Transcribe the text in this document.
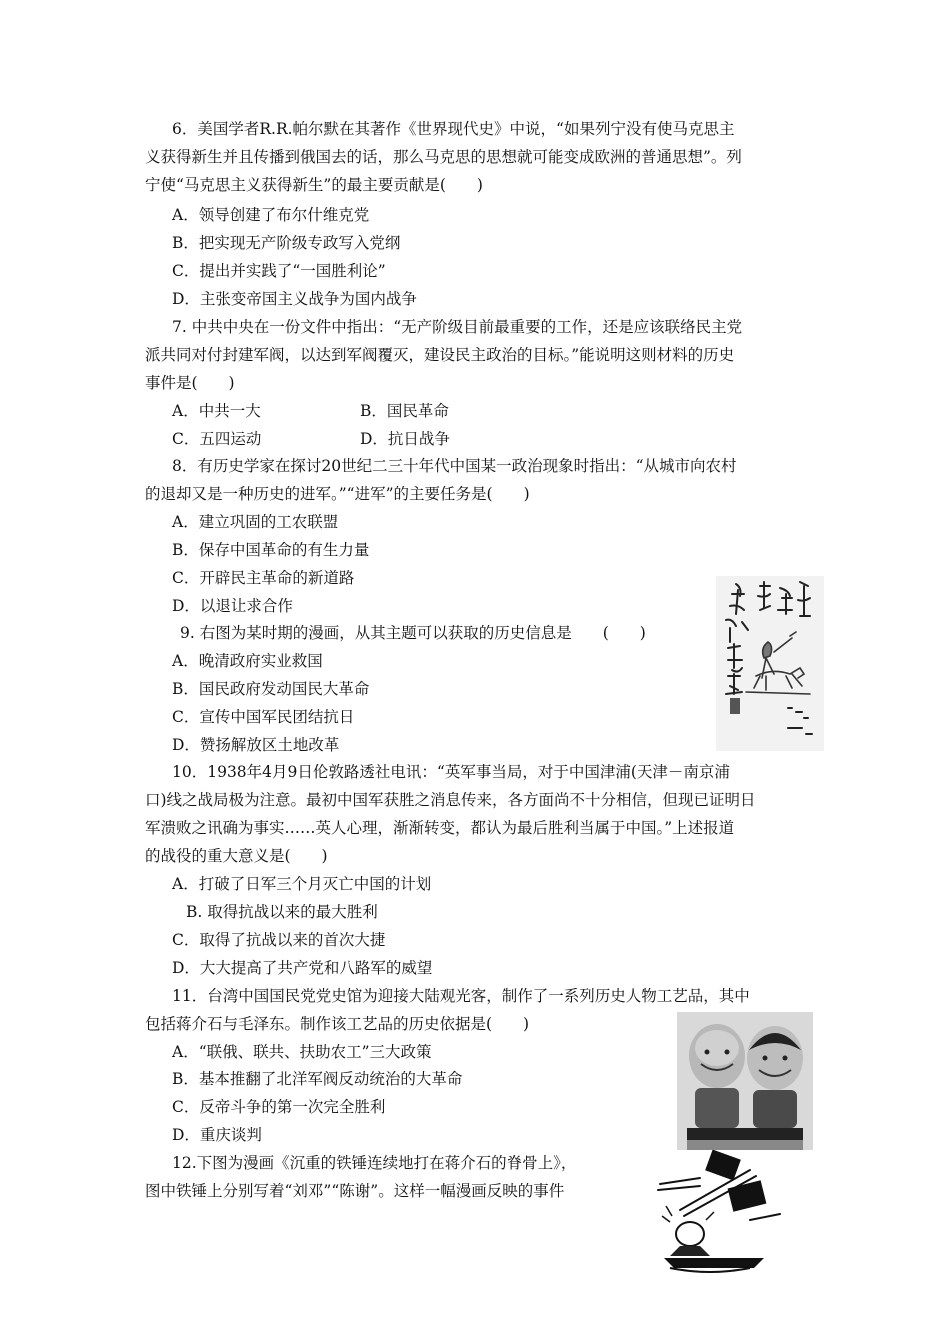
6．美国学者R.R.帕尔默在其著作《世界现代史》中说，“如果列宁没有使马克思主
义获得新生并且传播到俄国去的话，那么马克思的思想就可能变成欧洲的普通思想”。列
宁使“马克思主义获得新生”的最主要贡献是(　　)
A．领导创建了布尔什维克党
B．把实现无产阶级专政写入党纲
C．提出并实践了“一国胜利论”
D．主张变帝国主义战争为国内战争
7. 中共中央在一份文件中指出：“无产阶级目前最重要的工作，还是应该联络民主党
派共同对付封建军阀，以达到军阀覆灭，建设民主政治的目标。”能说明这则材料的历史
事件是(　　)
A．中共一大	B．国民革命
C．五四运动	D．抗日战争
8．有历史学家在探讨20世纪二三十年代中国某一政治现象时指出：“从城市向农村
的退却又是一种历史的进军。”“进军”的主要任务是(　　)
A．建立巩固的工农联盟
B．保存中国革命的有生力量
C．开辟民主革命的新道路
D．以退让求合作
9. 右图为某时期的漫画，从其主题可以获取的历史信息是　　(　　)
A．晚清政府实业救国
B．国民政府发动国民大革命
C．宣传中国军民团结抗日
D．赞扬解放区土地改革
10．1938年4月9日伦敦路透社电讯：“英军事当局，对于中国津浦(天津－南京浦
口)线之战局极为注意。最初中国军获胜之消息传来，各方面尚不十分相信，但现已证明日
军溃败之讯确为事实……英人心理，渐渐转变，都认为最后胜利当属于中国。”上述报道
的战役的重大意义是(　　)
A．打破了日军三个月灭亡中国的计划
B. 取得抗战以来的最大胜利
C．取得了抗战以来的首次大捷
D．大大提高了共产党和八路军的威望
11．台湾中国国民党党史馆为迎接大陆观光客，制作了一系列历史人物工艺品，其中
包括蒋介石与毛泽东。制作该工艺品的历史依据是(　　)
A．“联俄、联共、扶助农工”三大政策
B．基本推翻了北洋军阀反动统治的大革命
C．反帝斗争的第一次完全胜利
D．重庆谈判
12.下图为漫画《沉重的铁锤连续地打在蒋介石的脊骨上》，
图中铁锤上分别写着“刘邓”“陈谢”。这样一幅漫画反映的事件
